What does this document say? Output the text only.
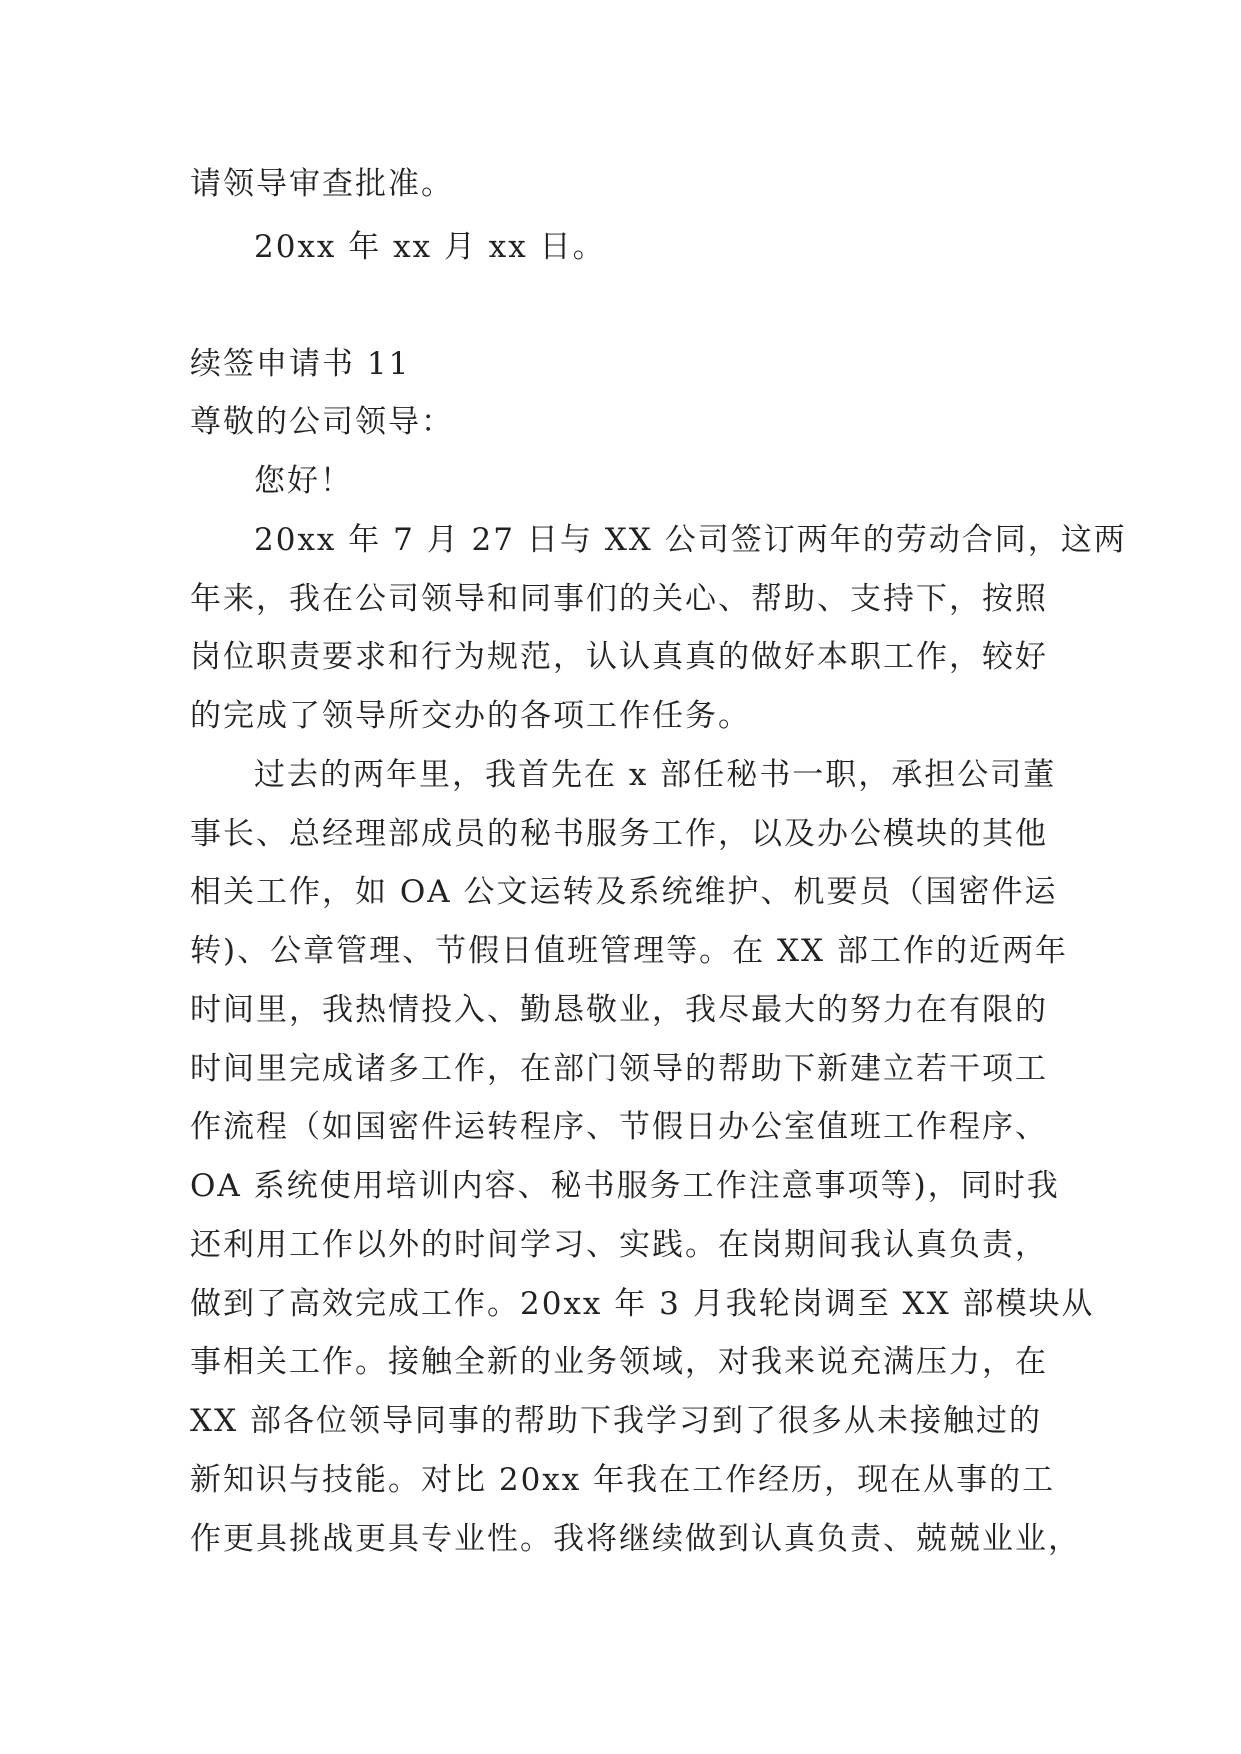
请领导审查批准。
20xx 年 xx 月 xx 日。
续签申请书 11
尊敬的公司领导：
您好！
20xx 年 7 月 27 日与 XX 公司签订两年的劳动合同，这两
年来，我在公司领导和同事们的关心、帮助、支持下，按照
岗位职责要求和行为规范，认认真真的做好本职工作，较好
的完成了领导所交办的各项工作任务。
过去的两年里，我首先在 x 部任秘书一职，承担公司董
事长、总经理部成员的秘书服务工作，以及办公模块的其他
相关工作，如 OA 公文运转及系统维护、机要员（国密件运
转)、公章管理、节假日值班管理等。在 XX 部工作的近两年
时间里，我热情投入、勤恳敬业，我尽最大的努力在有限的
时间里完成诸多工作，在部门领导的帮助下新建立若干项工
作流程（如国密件运转程序、节假日办公室值班工作程序、
OA 系统使用培训内容、秘书服务工作注意事项等)，同时我
还利用工作以外的时间学习、实践。在岗期间我认真负责，
做到了高效完成工作。20xx 年 3 月我轮岗调至 XX 部模块从
事相关工作。接触全新的业务领域，对我来说充满压力，在
XX 部各位领导同事的帮助下我学习到了很多从未接触过的
新知识与技能。对比 20xx 年我在工作经历，现在从事的工
作更具挑战更具专业性。我将继续做到认真负责、兢兢业业，
